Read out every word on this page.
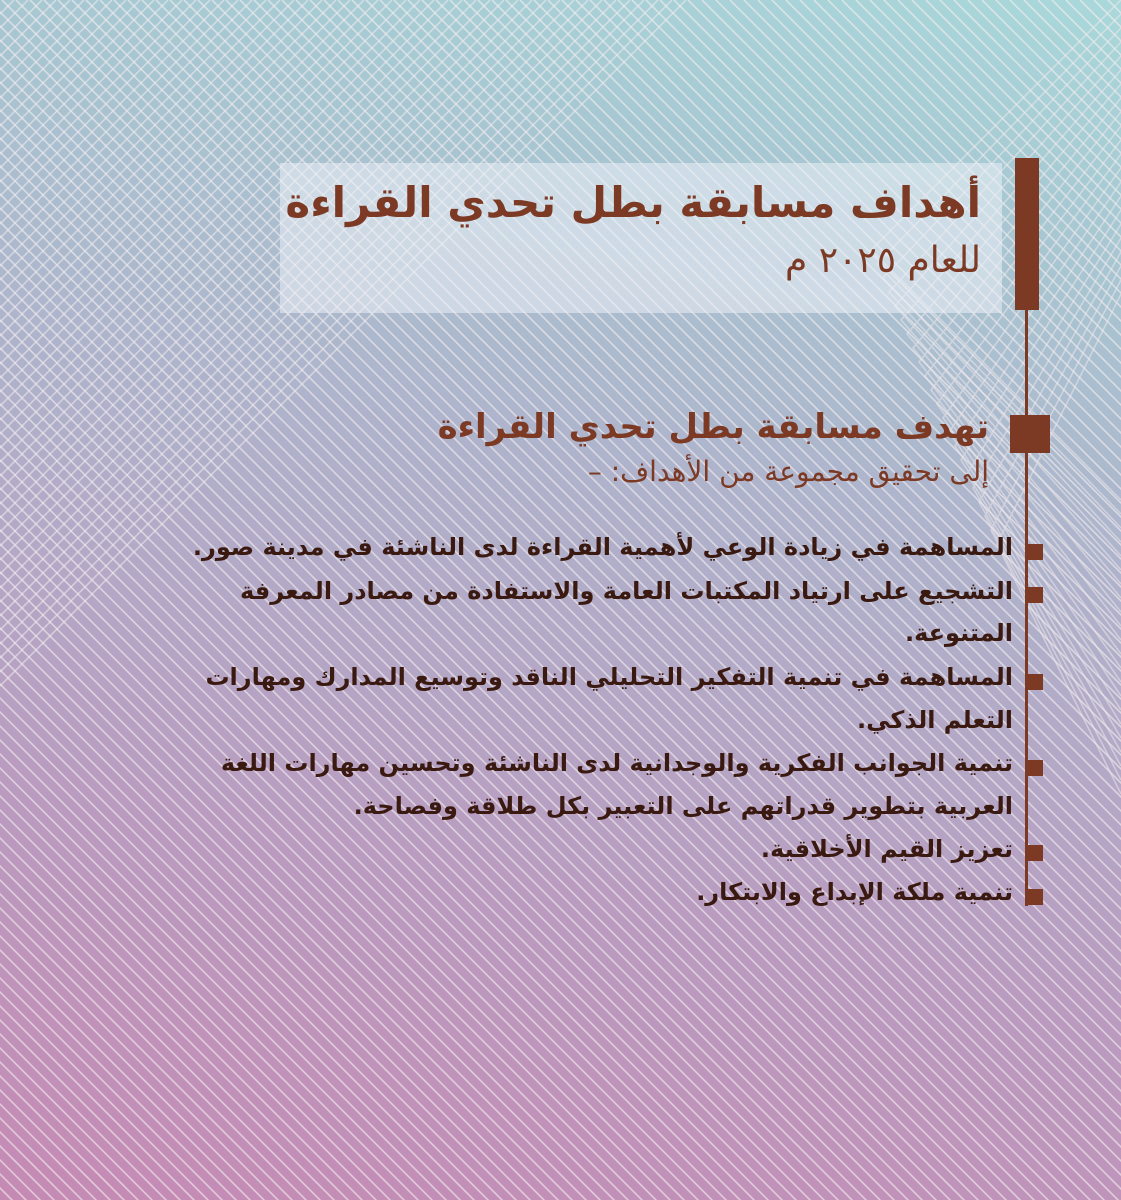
أهداف مسابقة بطل تحدي القراءة
للعام ٢٠٢٥ م
تهدف مسابقة بطل تحدي القراءة
إلى تحقيق مجموعة من الأهداف: –
المساهمة في زيادة الوعي لأهمية القراءة لدى الناشئة في مدينة صور.
التشجيع على ارتياد المكتبات العامة والاستفادة من مصادر المعرفة
المتنوعة.
المساهمة في تنمية التفكير التحليلي الناقد وتوسيع المدارك ومهارات
التعلم الذكي.
تنمية الجوانب الفكرية والوجدانية لدى الناشئة وتحسين مهارات اللغة
العربية بتطوير قدراتهم على التعبير بكل طلاقة وفصاحة.
تعزيز القيم الأخلاقية.
تنمية ملكة الإبداع والابتكار.
